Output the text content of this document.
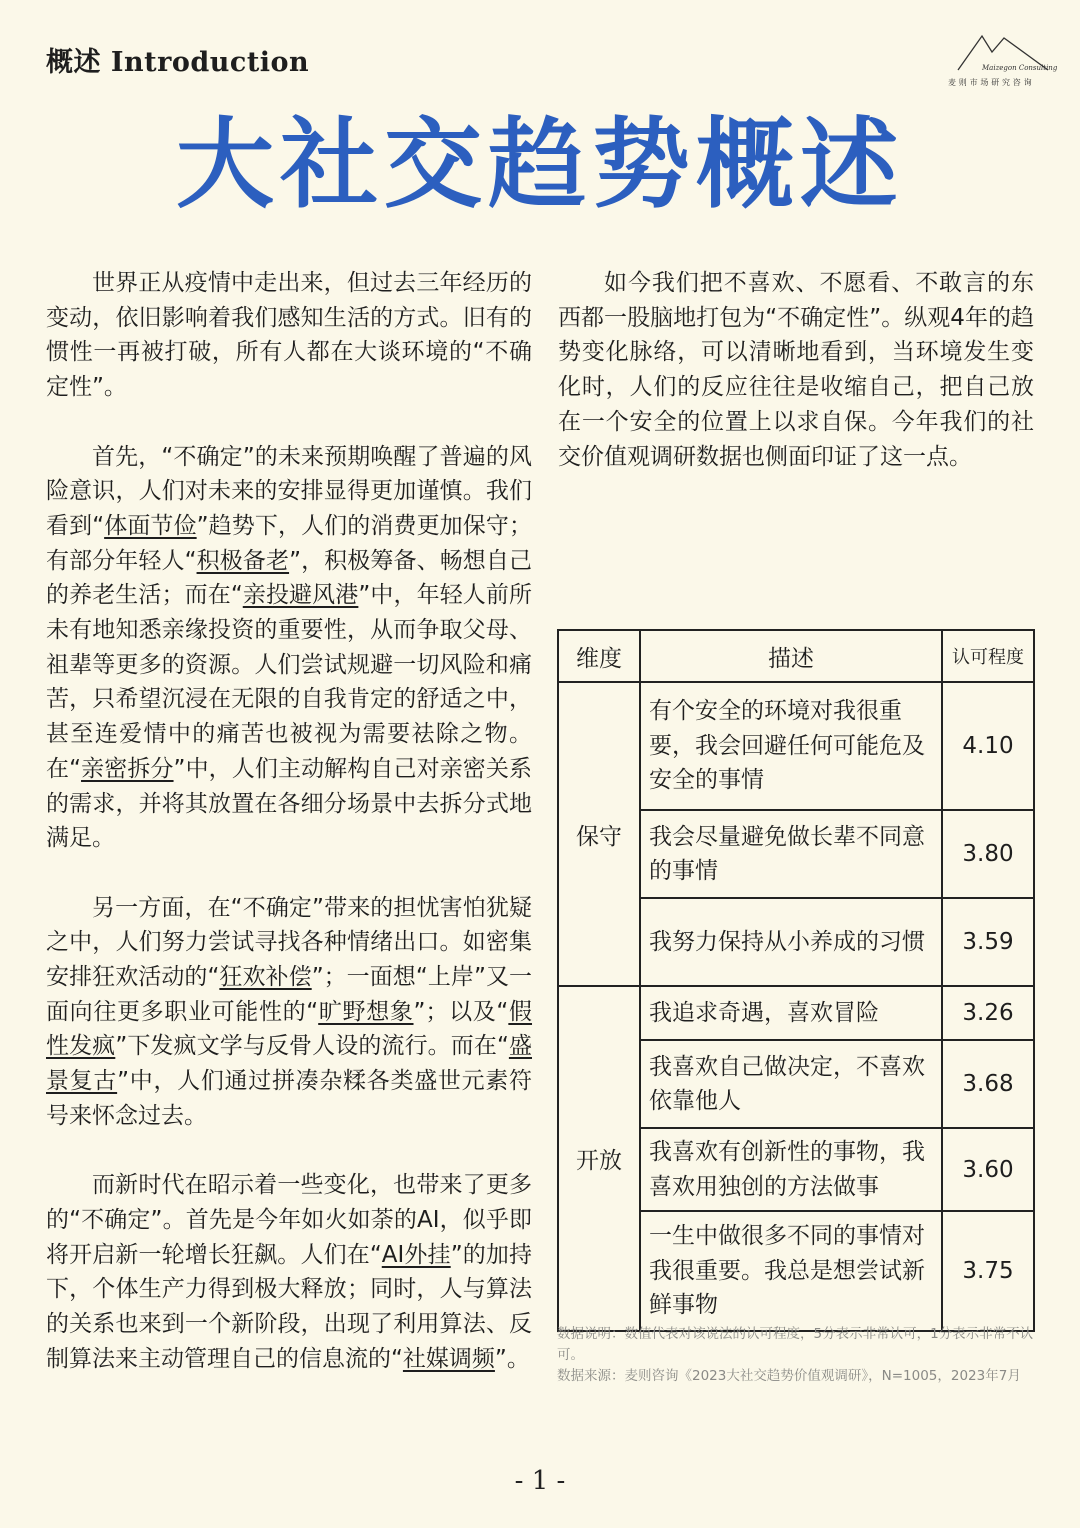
概述 Introduction	Maizegon Consulting
麦则市场研究咨询
大社交趋势概述

世界正从疫情中走出来，但过去三年经历的变动，依旧影响着我们感知生活的方式。旧有的惯性一再被打破，所有人都在大谈环境的“不确定性”。

首先，“不确定”的未来预期唤醒了普遍的风险意识，人们对未来的安排显得更加谨慎。我们看到“体面节俭”趋势下，人们的消费更加保守；有部分年轻人“积极备老”，积极筹备、畅想自己的养老生活；而在“亲投避风港”中，年轻人前所未有地知悉亲缘投资的重要性，从而争取父母、祖辈等更多的资源。人们尝试规避一切风险和痛苦，只希望沉浸在无限的自我肯定的舒适之中，甚至连爱情中的痛苦也被视为需要祛除之物。在“亲密拆分”中，人们主动解构自己对亲密关系的需求，并将其放置在各细分场景中去拆分式地满足。

另一方面，在“不确定”带来的担忧害怕犹疑之中，人们努力尝试寻找各种情绪出口。如密集安排狂欢活动的“狂欢补偿”；一面想“上岸”又一面向往更多职业可能性的“旷野想象”；以及“假性发疯”下发疯文学与反骨人设的流行。而在“盛景复古”中，人们通过拼凑杂糅各类盛世元素符号来怀念过去。

而新时代在昭示着一些变化，也带来了更多的“不确定”。首先是今年如火如荼的AI，似乎即将开启新一轮增长狂飙。人们在“AI外挂”的加持下，个体生产力得到极大释放；同时，人与算法的关系也来到一个新阶段，出现了利用算法、反制算法来主动管理自己的信息流的“社媒调频”。

如今我们把不喜欢、不愿看、不敢言的东西都一股脑地打包为“不确定性”。纵观4年的趋势变化脉络，可以清晰地看到，当环境发生变化时，人们的反应往往是收缩自己，把自己放在一个安全的位置上以求自保。今年我们的社交价值观调研数据也侧面印证了这一点。

维度	描述	认可程度
保守	有个安全的环境对我很重要，我会回避任何可能危及安全的事情	4.10
	我会尽量避免做长辈不同意的事情	3.80
	我努力保持从小养成的习惯	3.59
开放	我追求奇遇，喜欢冒险	3.26
	我喜欢自己做决定，不喜欢依靠他人	3.68
	我喜欢有创新性的事物，我喜欢用独创的方法做事	3.60
	一生中做很多不同的事情对我很重要。我总是想尝试新鲜事物	3.75
数据说明：数值代表对该说法的认可程度，5分表示非常认可，1分表示非常不认可。
数据来源：麦则咨询《2023大社交趋势价值观调研》，N=1005，2023年7月
- 1 -
